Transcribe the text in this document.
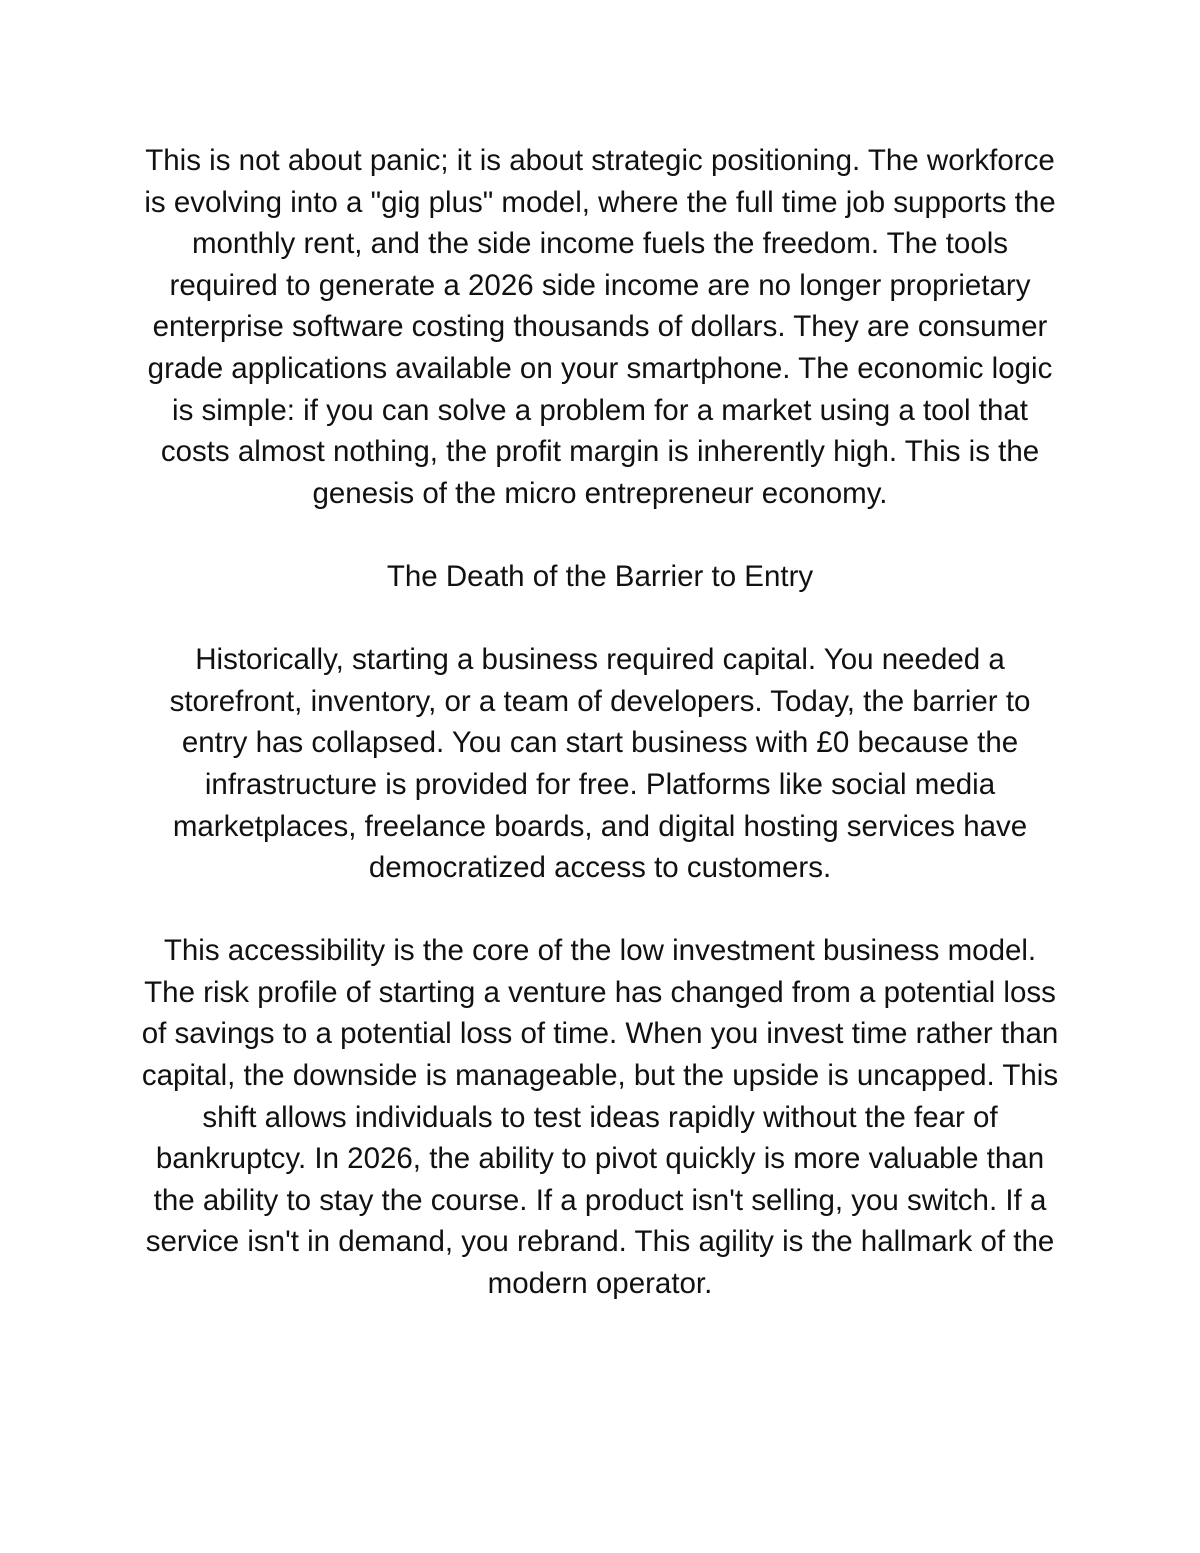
This is not about panic; it is about strategic positioning. The workforce is evolving into a "gig plus" model, where the full time job supports the monthly rent, and the side income fuels the freedom. The tools required to generate a 2026 side income are no longer proprietary enterprise software costing thousands of dollars. They are consumer grade applications available on your smartphone. The economic logic is simple: if you can solve a problem for a market using a tool that costs almost nothing, the profit margin is inherently high. This is the genesis of the micro entrepreneur economy.

The Death of the Barrier to Entry

Historically, starting a business required capital. You needed a storefront, inventory, or a team of developers. Today, the barrier to entry has collapsed. You can start business with £0 because the infrastructure is provided for free. Platforms like social media marketplaces, freelance boards, and digital hosting services have democratized access to customers.

This accessibility is the core of the low investment business model. The risk profile of starting a venture has changed from a potential loss of savings to a potential loss of time. When you invest time rather than capital, the downside is manageable, but the upside is uncapped. This shift allows individuals to test ideas rapidly without the fear of bankruptcy. In 2026, the ability to pivot quickly is more valuable than the ability to stay the course. If a product isn't selling, you switch. If a service isn't in demand, you rebrand. This agility is the hallmark of the modern operator.
